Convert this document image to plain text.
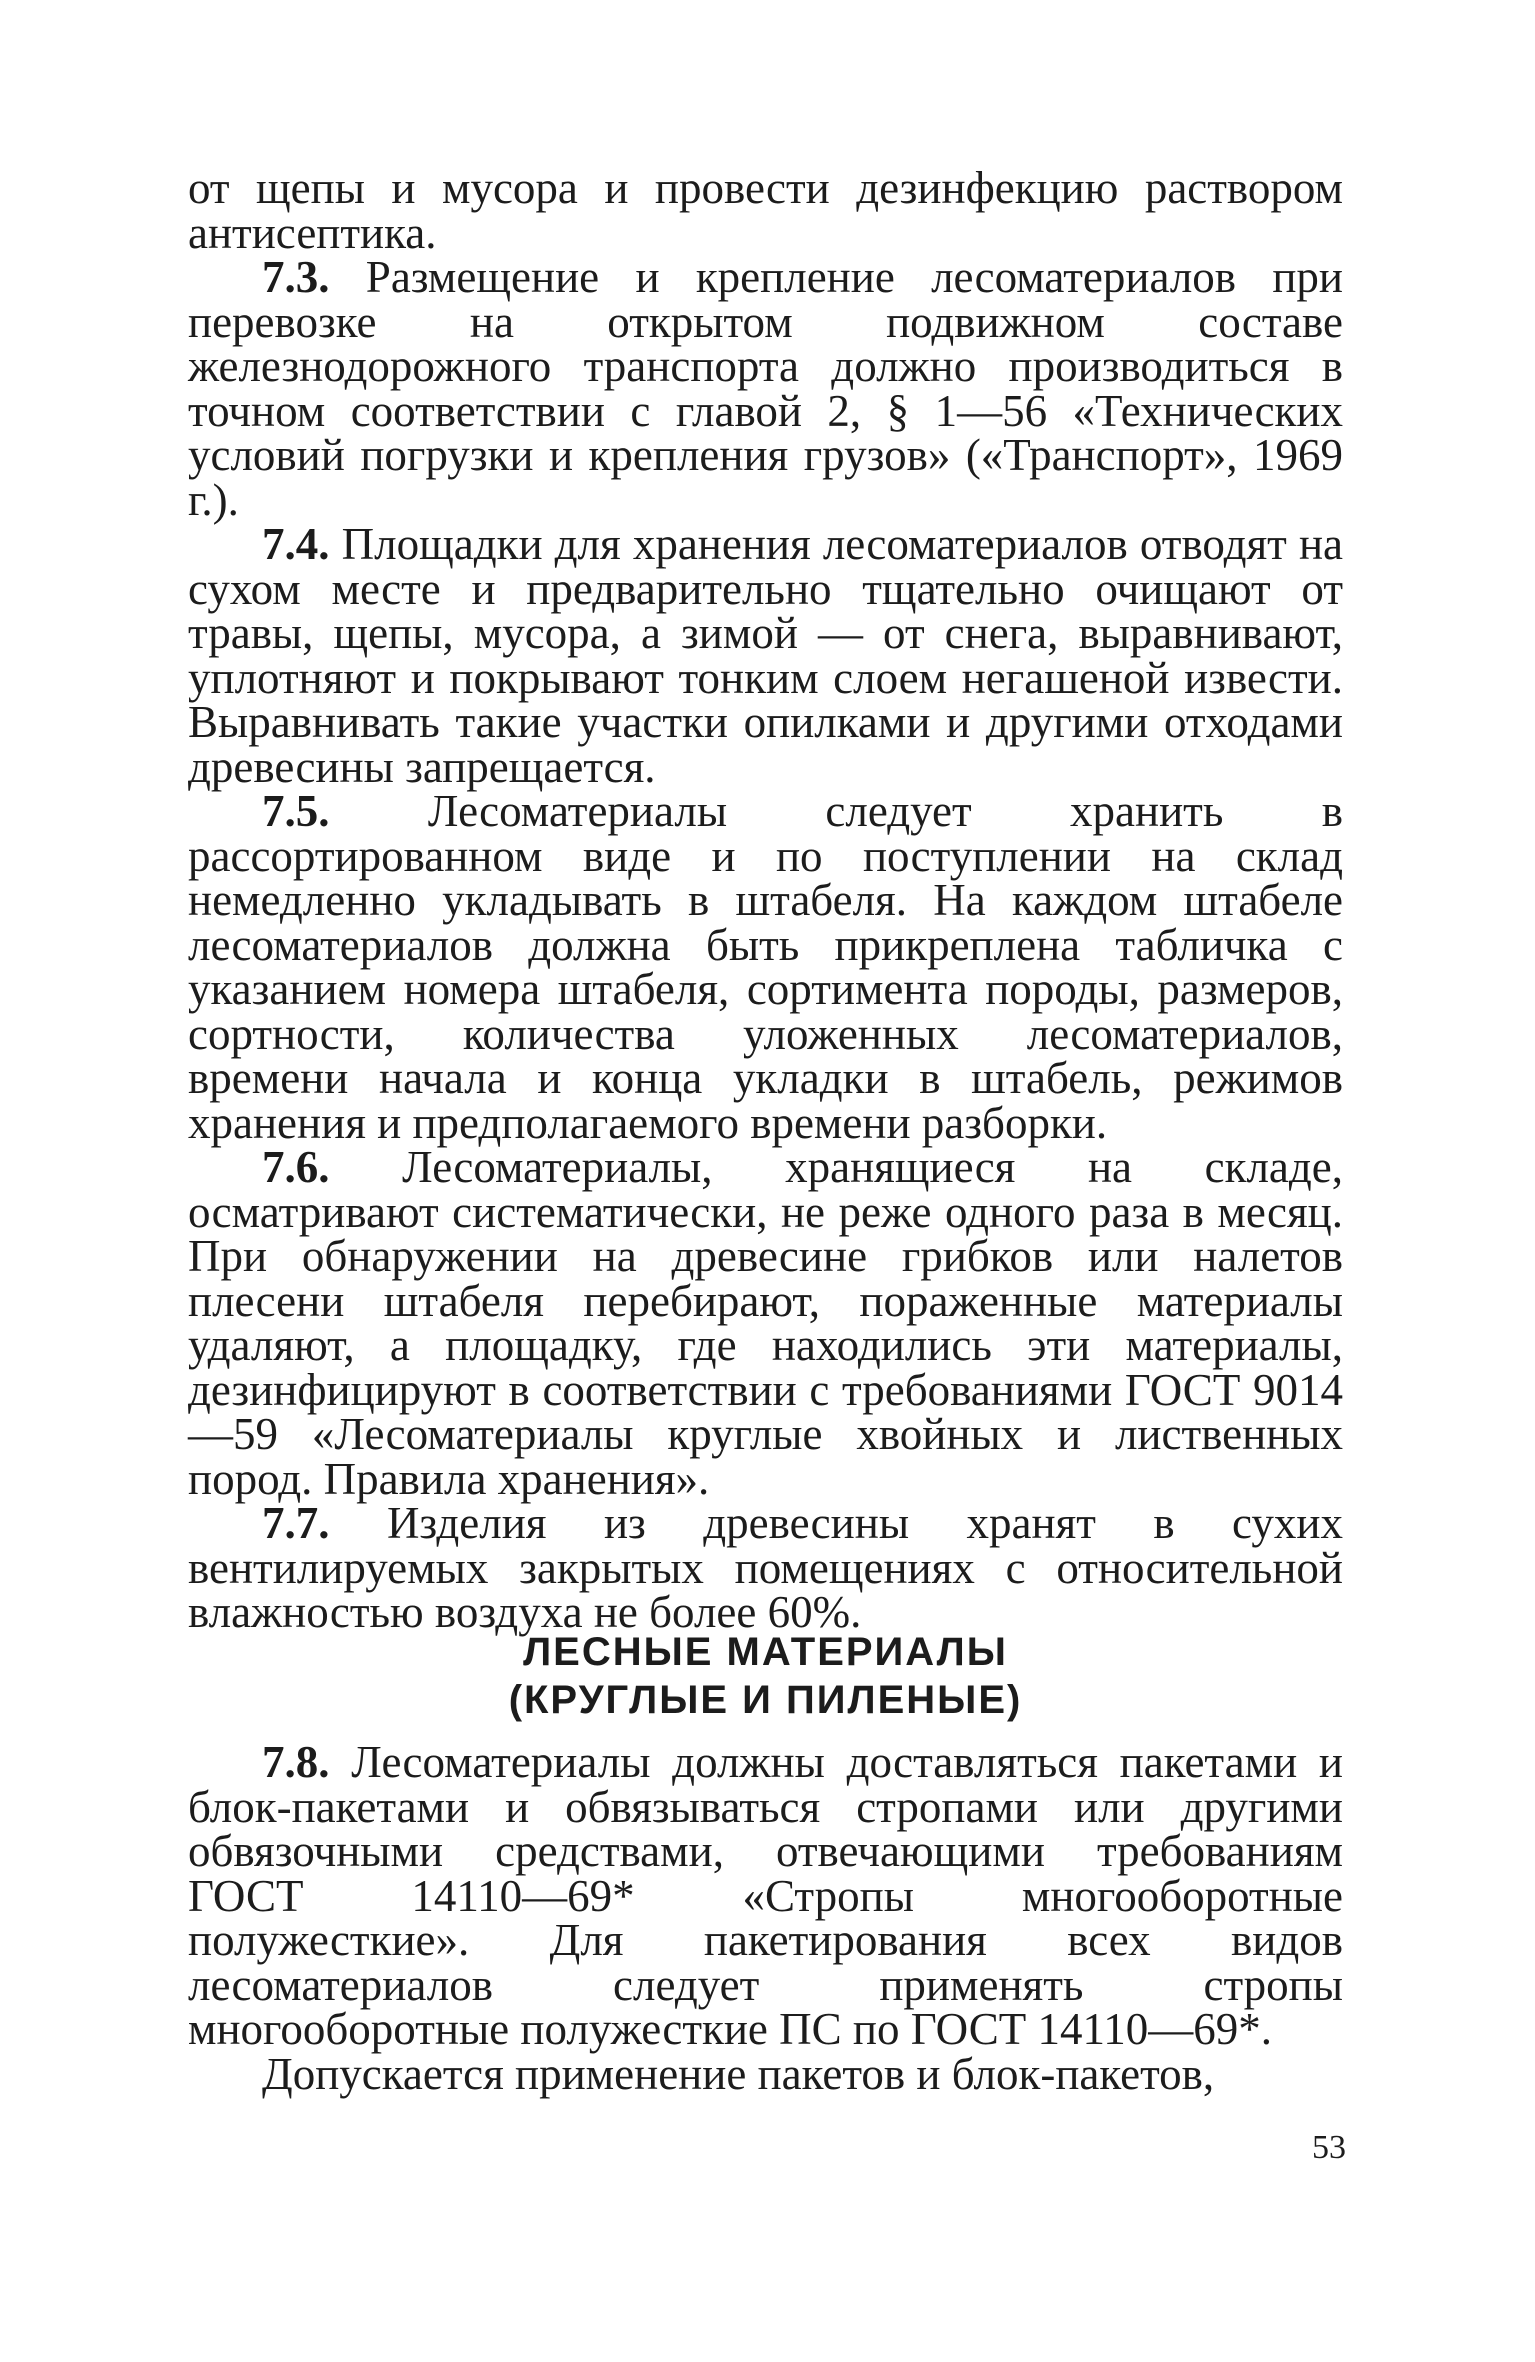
от щепы и мусора и провести дезинфекцию раствором антисептика.

7.3. Размещение и крепление лесоматериалов при перевозке на открытом подвижном составе железнодорожного транспорта должно производиться в точном соответствии с главой 2, § 1—56 «Технических условий погрузки и крепления грузов» («Транспорт», 1969 г.).

7.4. Площадки для хранения лесоматериалов отводят на сухом месте и предварительно тщательно очищают от травы, щепы, мусора, а зимой — от снега, выравнивают, уплотняют и покрывают тонким слоем негашеной извести. Выравнивать такие участки опилками и другими отходами древесины запрещается.

7.5. Лесоматериалы следует хранить в рассортированном виде и по поступлении на склад немедленно укладывать в штабеля. На каждом штабеле лесоматериалов должна быть прикреплена табличка с указанием номера штабеля, сортимента породы, размеров, сортности, количества уложенных лесоматериалов, времени начала и конца укладки в штабель, режимов хранения и предполагаемого времени разборки.

7.6. Лесоматериалы, хранящиеся на складе, осматривают систематически, не реже одного раза в месяц. При обнаружении на древесине грибков или налетов плесени штабеля перебирают, пораженные материалы удаляют, а площадку, где находились эти материалы, дезинфицируют в соответствии с требованиями ГОСТ 9014—59 «Лесоматериалы круглые хвойных и лиственных пород. Правила хранения».

7.7. Изделия из древесины хранят в сухих вентилируемых закрытых помещениях с относительной влажностью воздуха не более 60%.

ЛЕСНЫЕ МАТЕРИАЛЫ
(КРУГЛЫЕ И ПИЛЕНЫЕ)

7.8. Лесоматериалы должны доставляться пакетами и блок-пакетами и обвязываться стропами или другими обвязочными средствами, отвечающими требованиям ГОСТ 14110—69* «Стропы многооборотные полужесткие». Для пакетирования всех видов лесоматериалов следует применять стропы многооборотные полужесткие ПС по ГОСТ 14110—69*.

Допускается применение пакетов и блок-пакетов,

53
